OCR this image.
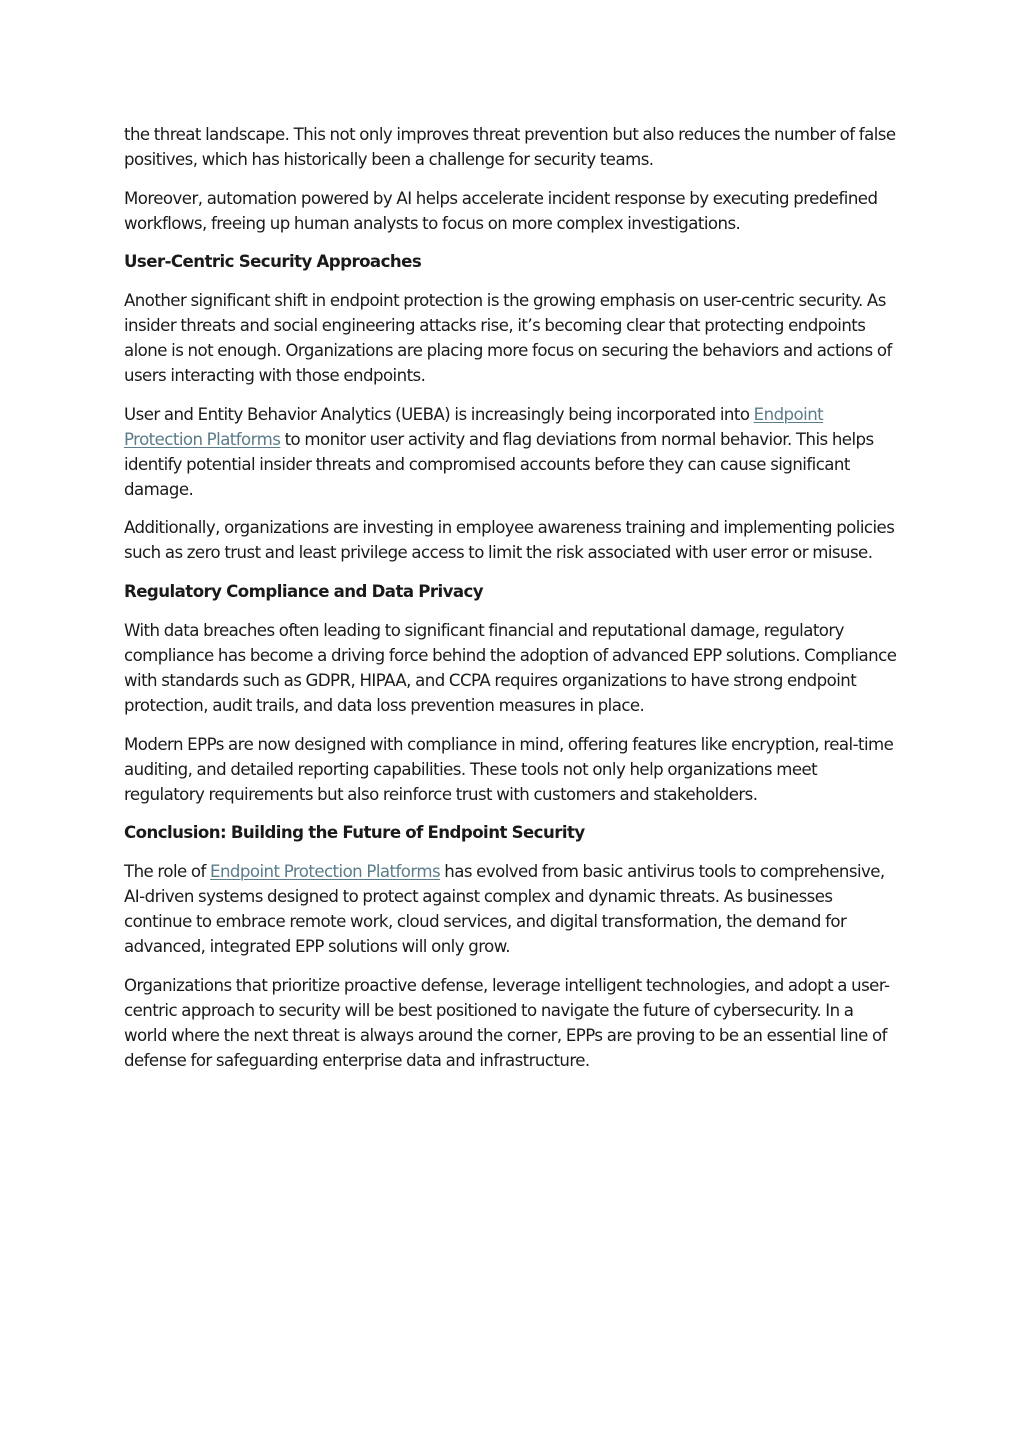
the threat landscape. This not only improves threat prevention but also reduces the number of false positives, which has historically been a challenge for security teams.

Moreover, automation powered by AI helps accelerate incident response by executing predefined workflows, freeing up human analysts to focus on more complex investigations.

User-Centric Security Approaches

Another significant shift in endpoint protection is the growing emphasis on user-centric security. As insider threats and social engineering attacks rise, it’s becoming clear that protecting endpoints alone is not enough. Organizations are placing more focus on securing the behaviors and actions of users interacting with those endpoints.

User and Entity Behavior Analytics (UEBA) is increasingly being incorporated into Endpoint Protection Platforms to monitor user activity and flag deviations from normal behavior. This helps identify potential insider threats and compromised accounts before they can cause significant damage.

Additionally, organizations are investing in employee awareness training and implementing policies such as zero trust and least privilege access to limit the risk associated with user error or misuse.

Regulatory Compliance and Data Privacy

With data breaches often leading to significant financial and reputational damage, regulatory compliance has become a driving force behind the adoption of advanced EPP solutions. Compliance with standards such as GDPR, HIPAA, and CCPA requires organizations to have strong endpoint protection, audit trails, and data loss prevention measures in place.

Modern EPPs are now designed with compliance in mind, offering features like encryption, real-time auditing, and detailed reporting capabilities. These tools not only help organizations meet regulatory requirements but also reinforce trust with customers and stakeholders.

Conclusion: Building the Future of Endpoint Security

The role of Endpoint Protection Platforms has evolved from basic antivirus tools to comprehensive, AI-driven systems designed to protect against complex and dynamic threats. As businesses continue to embrace remote work, cloud services, and digital transformation, the demand for advanced, integrated EPP solutions will only grow.

Organizations that prioritize proactive defense, leverage intelligent technologies, and adopt a user-centric approach to security will be best positioned to navigate the future of cybersecurity. In a world where the next threat is always around the corner, EPPs are proving to be an essential line of defense for safeguarding enterprise data and infrastructure.
